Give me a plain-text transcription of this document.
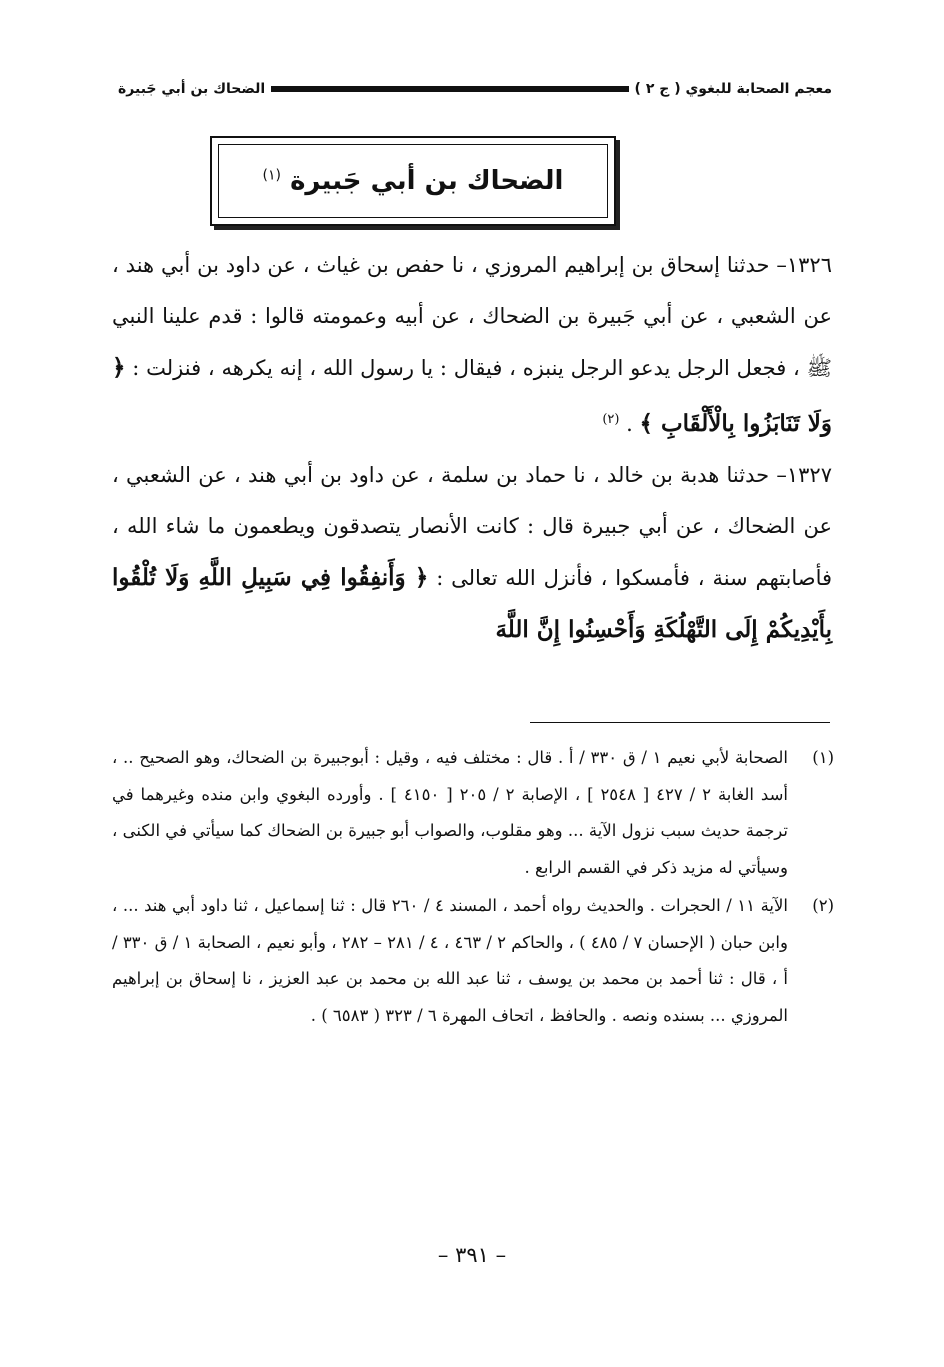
معجم الصحابة للبغوي ( ج ٢ )
الضحاك بن أبي جَبيرة
الضحاك بن أبي جَبيرة $^{(١)}$

١٣٢٦– حدثنا إسحاق بن إبراهيم المروزي ، نا حفص بن غياث ، عن داود بن أبي هند ، عن الشعبي ، عن أبي جَبيرة بن الضحاك ، عن أبيه وعمومته قالوا : قدم علينا النبي ﷺ ، فجعل الرجل يدعو الرجل ينبزه ، فيقال : يا رسول الله ، إنه يكرهه ، فنزلت : ﴿ وَلَا تَنَابَزُوا بِالْأَلْقَابِ ﴾ . $^{(٢)}$

١٣٢٧– حدثنا هدبة بن خالد ، نا حماد بن سلمة ، عن داود بن أبي هند ، عن الشعبي ، عن الضحاك ، عن أبي جبيرة قال : كانت الأنصار يتصدقون ويطعمون ما شاء الله ، فأصابتهم سنة ، فأمسكوا ، فأنزل الله تعالى : ﴿ وَأَنفِقُوا فِي سَبِيلِ اللَّهِ وَلَا تُلْقُوا بِأَيْدِيكُمْ إِلَى التَّهْلُكَةِ وَأَحْسِنُوا إِنَّ اللَّهَ

(١)
الصحابة لأبي نعيم ١ / ق ٣٣٠ / أ . قال : مختلف فيه ، وقيل : أبوجبيرة بن الضحاك، وهو الصحيح .. ، أسد الغابة ٢ / ٤٢٧ [ ٢٥٤٨ ] ، الإصابة ٢ / ٢٠٥ [ ٤١٥٠ ] . وأورده البغوي وابن منده وغيرهما في ترجمة حديث سبب نزول الآية ... وهو مقلوب، والصواب أبو جبيرة بن الضحاك كما سيأتي في الكنى ، وسيأتي له مزيد ذكر في القسم الرابع .
(٢)
الآية ١١ / الحجرات . والحديث رواه أحمد ، المسند ٤ / ٢٦٠ قال : ثنا إسماعيل ، ثنا داود أبي هند ... ، وابن حبان ( الإحسان ٧ / ٤٨٥ ) ، والحاكم ٢ / ٤٦٣ ، ٤ / ٢٨١ – ٢٨٢ ، وأبو نعيم ، الصحابة ١ / ق ٣٣٠ / أ ، قال : ثنا أحمد بن محمد بن يوسف ، ثنا عبد الله بن محمد بن عبد العزيز ، نا إسحاق بن إبراهيم المروزي ... بسنده ونصه . والحافظ ، اتحاف المهرة ٦ / ٣٢٣ ( ٦٥٨٣ ) .
– ٣٩١ –
